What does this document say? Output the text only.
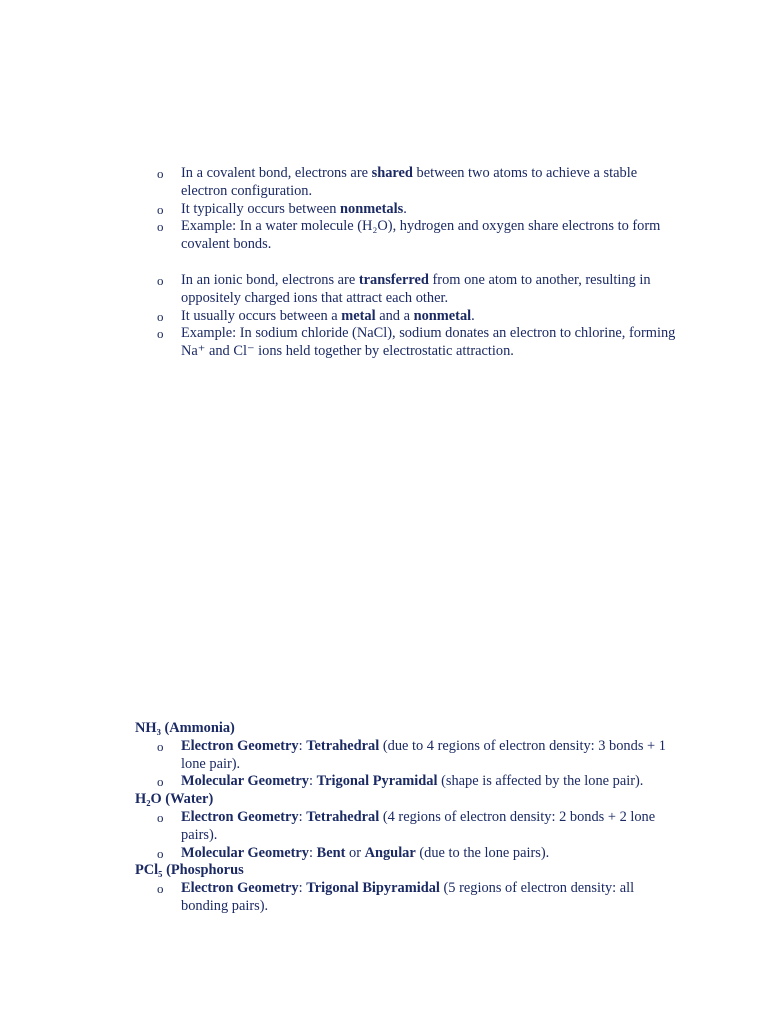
o In a covalent bond, electrons are shared between two atoms to achieve a stable electron configuration.
o It typically occurs between nonmetals.
o Example: In a water molecule (H₂O), hydrogen and oxygen share electrons to form covalent bonds.
o In an ionic bond, electrons are transferred from one atom to another, resulting in oppositely charged ions that attract each other.
o It usually occurs between a metal and a nonmetal.
o Example: In sodium chloride (NaCl), sodium donates an electron to chlorine, forming Na⁺ and Cl⁻ ions held together by electrostatic attraction.
NH₃ (Ammonia)
o Electron Geometry: Tetrahedral (due to 4 regions of electron density: 3 bonds + 1 lone pair).
o Molecular Geometry: Trigonal Pyramidal (shape is affected by the lone pair).
H₂O (Water)
o Electron Geometry: Tetrahedral (4 regions of electron density: 2 bonds + 2 lone pairs).
o Molecular Geometry: Bent or Angular (due to the lone pairs).
PCl₅ (Phosphorus
o Electron Geometry: Trigonal Bipyramidal (5 regions of electron density: all bonding pairs).
